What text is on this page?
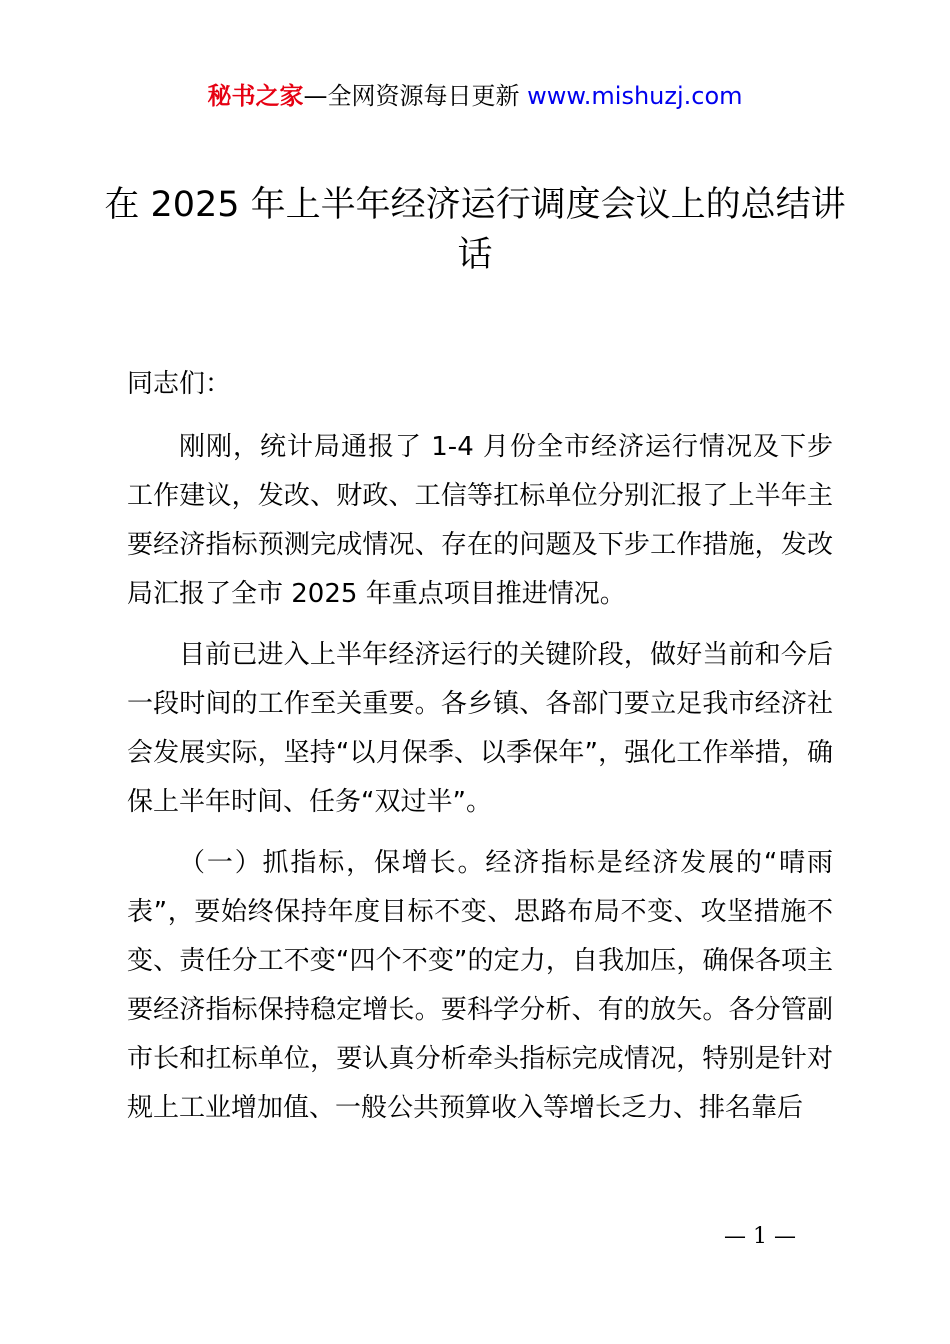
秘书之家—全网资源每日更新 www.mishuzj.com
在 2025 年上半年经济运行调度会议上的总结讲话

同志们：

刚刚，统计局通报了 1-4 月份全市经济运行情况及下步工作建议，发改、财政、工信等扛标单位分别汇报了上半年主要经济指标预测完成情况、存在的问题及下步工作措施，发改局汇报了全市 2025 年重点项目推进情况。

目前已进入上半年经济运行的关键阶段，做好当前和今后一段时间的工作至关重要。各乡镇、各部门要立足我市经济社会发展实际，坚持“以月保季、以季保年”，强化工作举措，确保上半年时间、任务“双过半”。

（一）抓指标，保增长。经济指标是经济发展的“晴雨表”，要始终保持年度目标不变、思路布局不变、攻坚措施不变、责任分工不变“四个不变”的定力，自我加压，确保各项主要经济指标保持稳定增长。要科学分析、有的放矢。各分管副市长和扛标单位，要认真分析牵头指标完成情况，特别是针对规上工业增加值、一般公共预算收入等增长乏力、排名靠后

— 1 —
